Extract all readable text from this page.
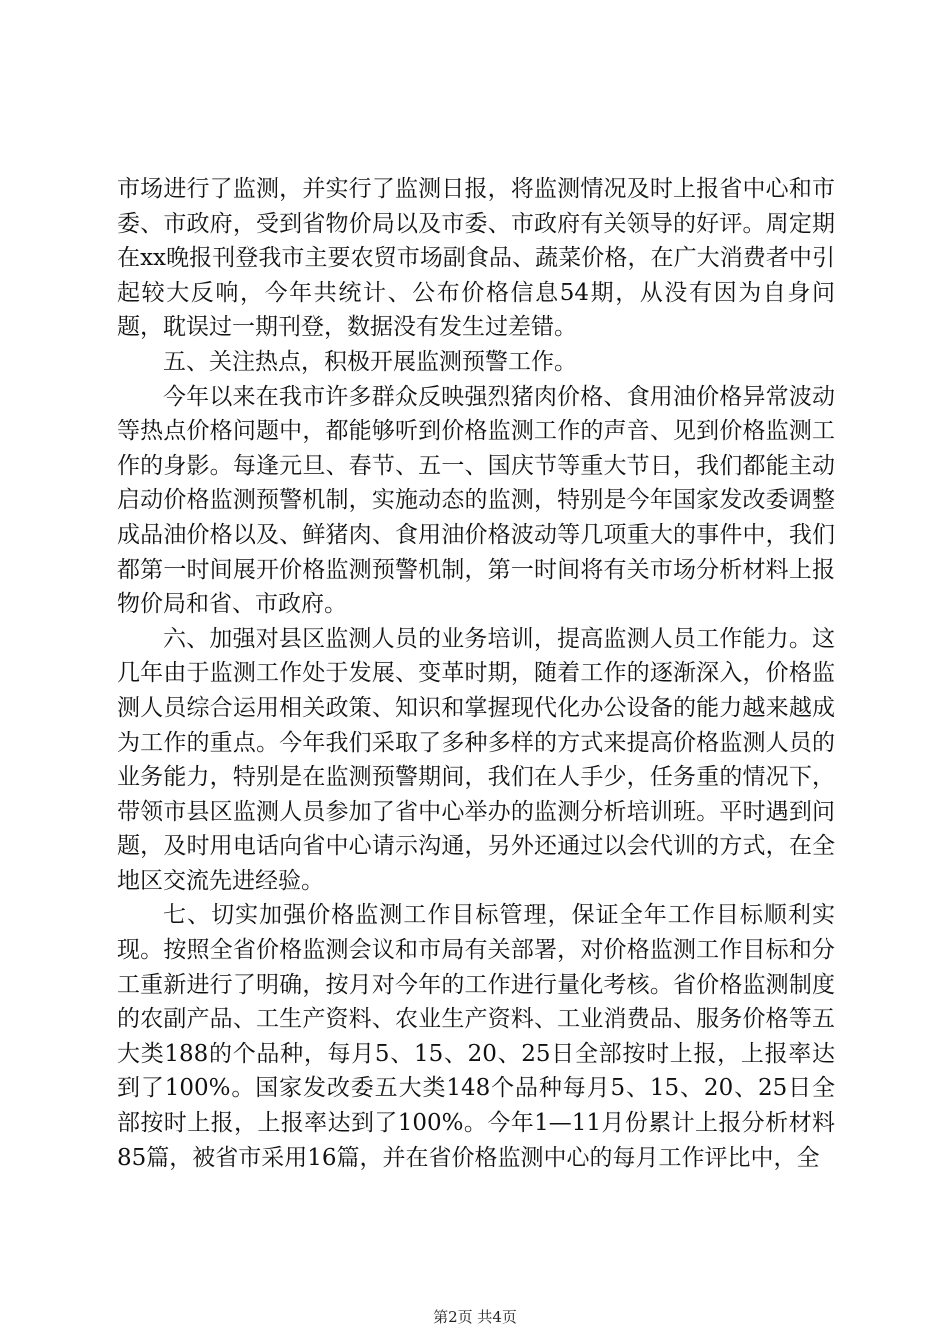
市场进行了监测，并实行了监测日报，将监测情况及时上报省中心和市委、市政府，受到省物价局以及市委、市政府有关领导的好评。周定期在xx晚报刊登我市主要农贸市场副食品、蔬菜价格，在广大消费者中引起较大反响，今年共统计、公布价格信息54期，从没有因为自身问题，耽误过一期刊登，数据没有发生过差错。

五、关注热点，积极开展监测预警工作。

今年以来在我市许多群众反映强烈猪肉价格、食用油价格异常波动等热点价格问题中，都能够听到价格监测工作的声音、见到价格监测工作的身影。每逢元旦、春节、五一、国庆节等重大节日，我们都能主动启动价格监测预警机制，实施动态的监测，特别是今年国家发改委调整成品油价格以及、鲜猪肉、食用油价格波动等几项重大的事件中，我们都第一时间展开价格监测预警机制，第一时间将有关市场分析材料上报物价局和省、市政府。

六、加强对县区监测人员的业务培训，提高监测人员工作能力。这几年由于监测工作处于发展、变革时期，随着工作的逐渐深入，价格监测人员综合运用相关政策、知识和掌握现代化办公设备的能力越来越成为工作的重点。今年我们采取了多种多样的方式来提高价格监测人员的业务能力，特别是在监测预警期间，我们在人手少，任务重的情况下，带领市县区监测人员参加了省中心举办的监测分析培训班。平时遇到问题，及时用电话向省中心请示沟通，另外还通过以会代训的方式，在全地区交流先进经验。

七、切实加强价格监测工作目标管理，保证全年工作目标顺利实现。按照全省价格监测会议和市局有关部署，对价格监测工作目标和分工重新进行了明确，按月对今年的工作进行量化考核。省价格监测制度的农副产品、工生产资料、农业生产资料、工业消费品、服务价格等五大类188的个品种，每月5、15、20、25日全部按时上报，上报率达到了100%。国家发改委五大类148个品种每月5、15、20、25日全部按时上报，上报率达到了100%。今年1—11月份累计上报分析材料85篇，被省市采用16篇，并在省价格监测中心的每月工作评比中，全

第2页 共4页
